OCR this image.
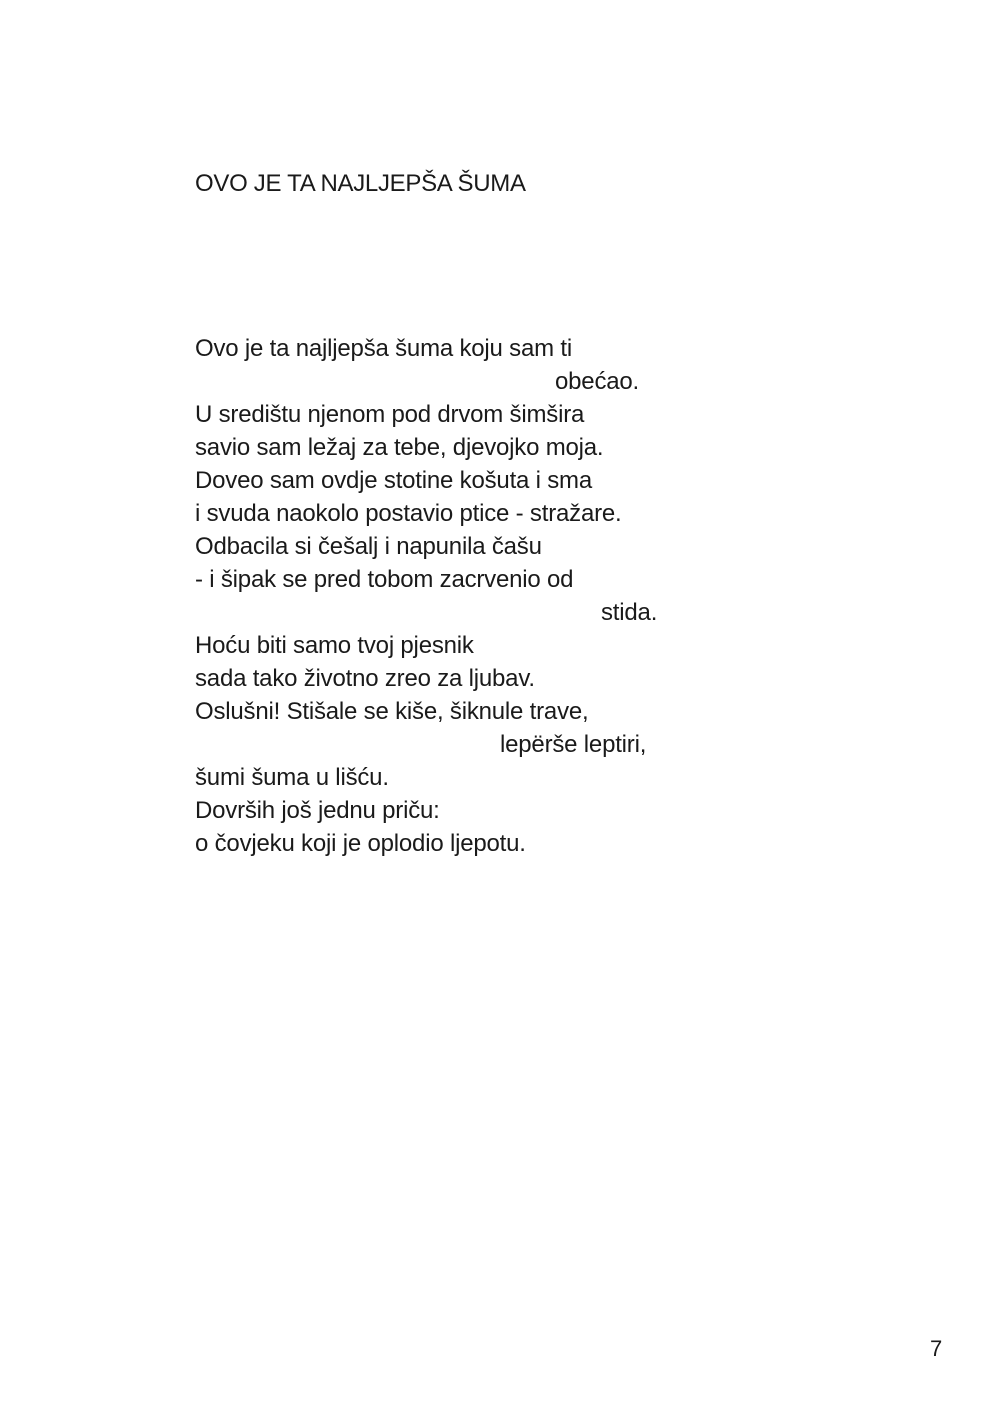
OVO JE TA NAJLJEPŠA ŠUMA
Ovo je ta najljepša šuma koju sam ti
obećao.
U središtu njenom pod drvom šimšira
savio sam ležaj za tebe, djevojko moja.
Doveo sam ovdje stotine košuta i sma
i svuda naokolo postavio ptice - stražare.
Odbacila si češalj i napunila čašu
- i šipak se pred tobom zacrvenio od
stida.
Hoću biti samo tvoj pjesnik
sada tako životno zreo za ljubav.
Oslušni! Stišale se kiše, šiknule trave,
lepërše leptiri,
šumi šuma u lišću.
Dovrših još jednu priču:
o čovjeku koji je oplodio ljepotu.
7
